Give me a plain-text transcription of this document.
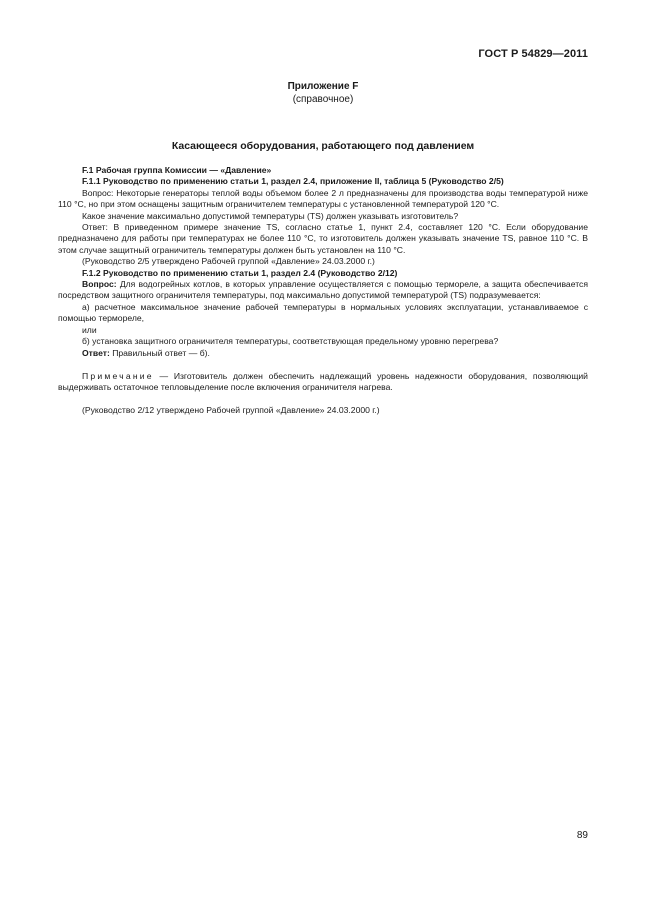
ГОСТ Р 54829—2011
Приложение F
(справочное)
Касающееся оборудования, работающего под давлением

F.1 Рабочая группа Комиссии — «Давление»

F.1.1 Руководство по применению статьи 1, раздел 2.4, приложение II, таблица 5 (Руководство 2/5)

Вопрос: Некоторые генераторы теплой воды объемом более 2 л предназначены для производства воды температурой ниже 110 °С, но при этом оснащены защитным ограничителем температуры с установленной температурой 120 °С.

Какое значение максимально допустимой температуры (TS) должен указывать изготовитель?

Ответ: В приведенном примере значение TS, согласно статье 1, пункт 2.4, составляет 120 °С. Если оборудование предназначено для работы при температурах не более 110 °С, то изготовитель должен указывать значение TS, равное 110 °С. В этом случае защитный ограничитель температуры должен быть установлен на 110 °С.

(Руководство 2/5 утверждено Рабочей группой «Давление» 24.03.2000 г.)

F.1.2 Руководство по применению статьи 1, раздел 2.4 (Руководство 2/12)

Вопрос: Для водогрейных котлов, в которых управление осуществляется с помощью термореле, а защита обеспечивается посредством защитного ограничителя температуры, под максимально допустимой температурой (TS) подразумевается:

а) расчетное максимальное значение рабочей температуры в нормальных условиях эксплуатации, устанавливаемое с помощью термореле,

или

б) установка защитного ограничителя температуры, соответствующая предельному уровню перегрева?

Ответ: Правильный ответ — б).

Примечание — Изготовитель должен обеспечить надлежащий уровень надежности оборудования, позволяющий выдерживать остаточное тепловыделение после включения ограничителя нагрева.

(Руководство 2/12 утверждено Рабочей группой «Давление» 24.03.2000 г.)

89
